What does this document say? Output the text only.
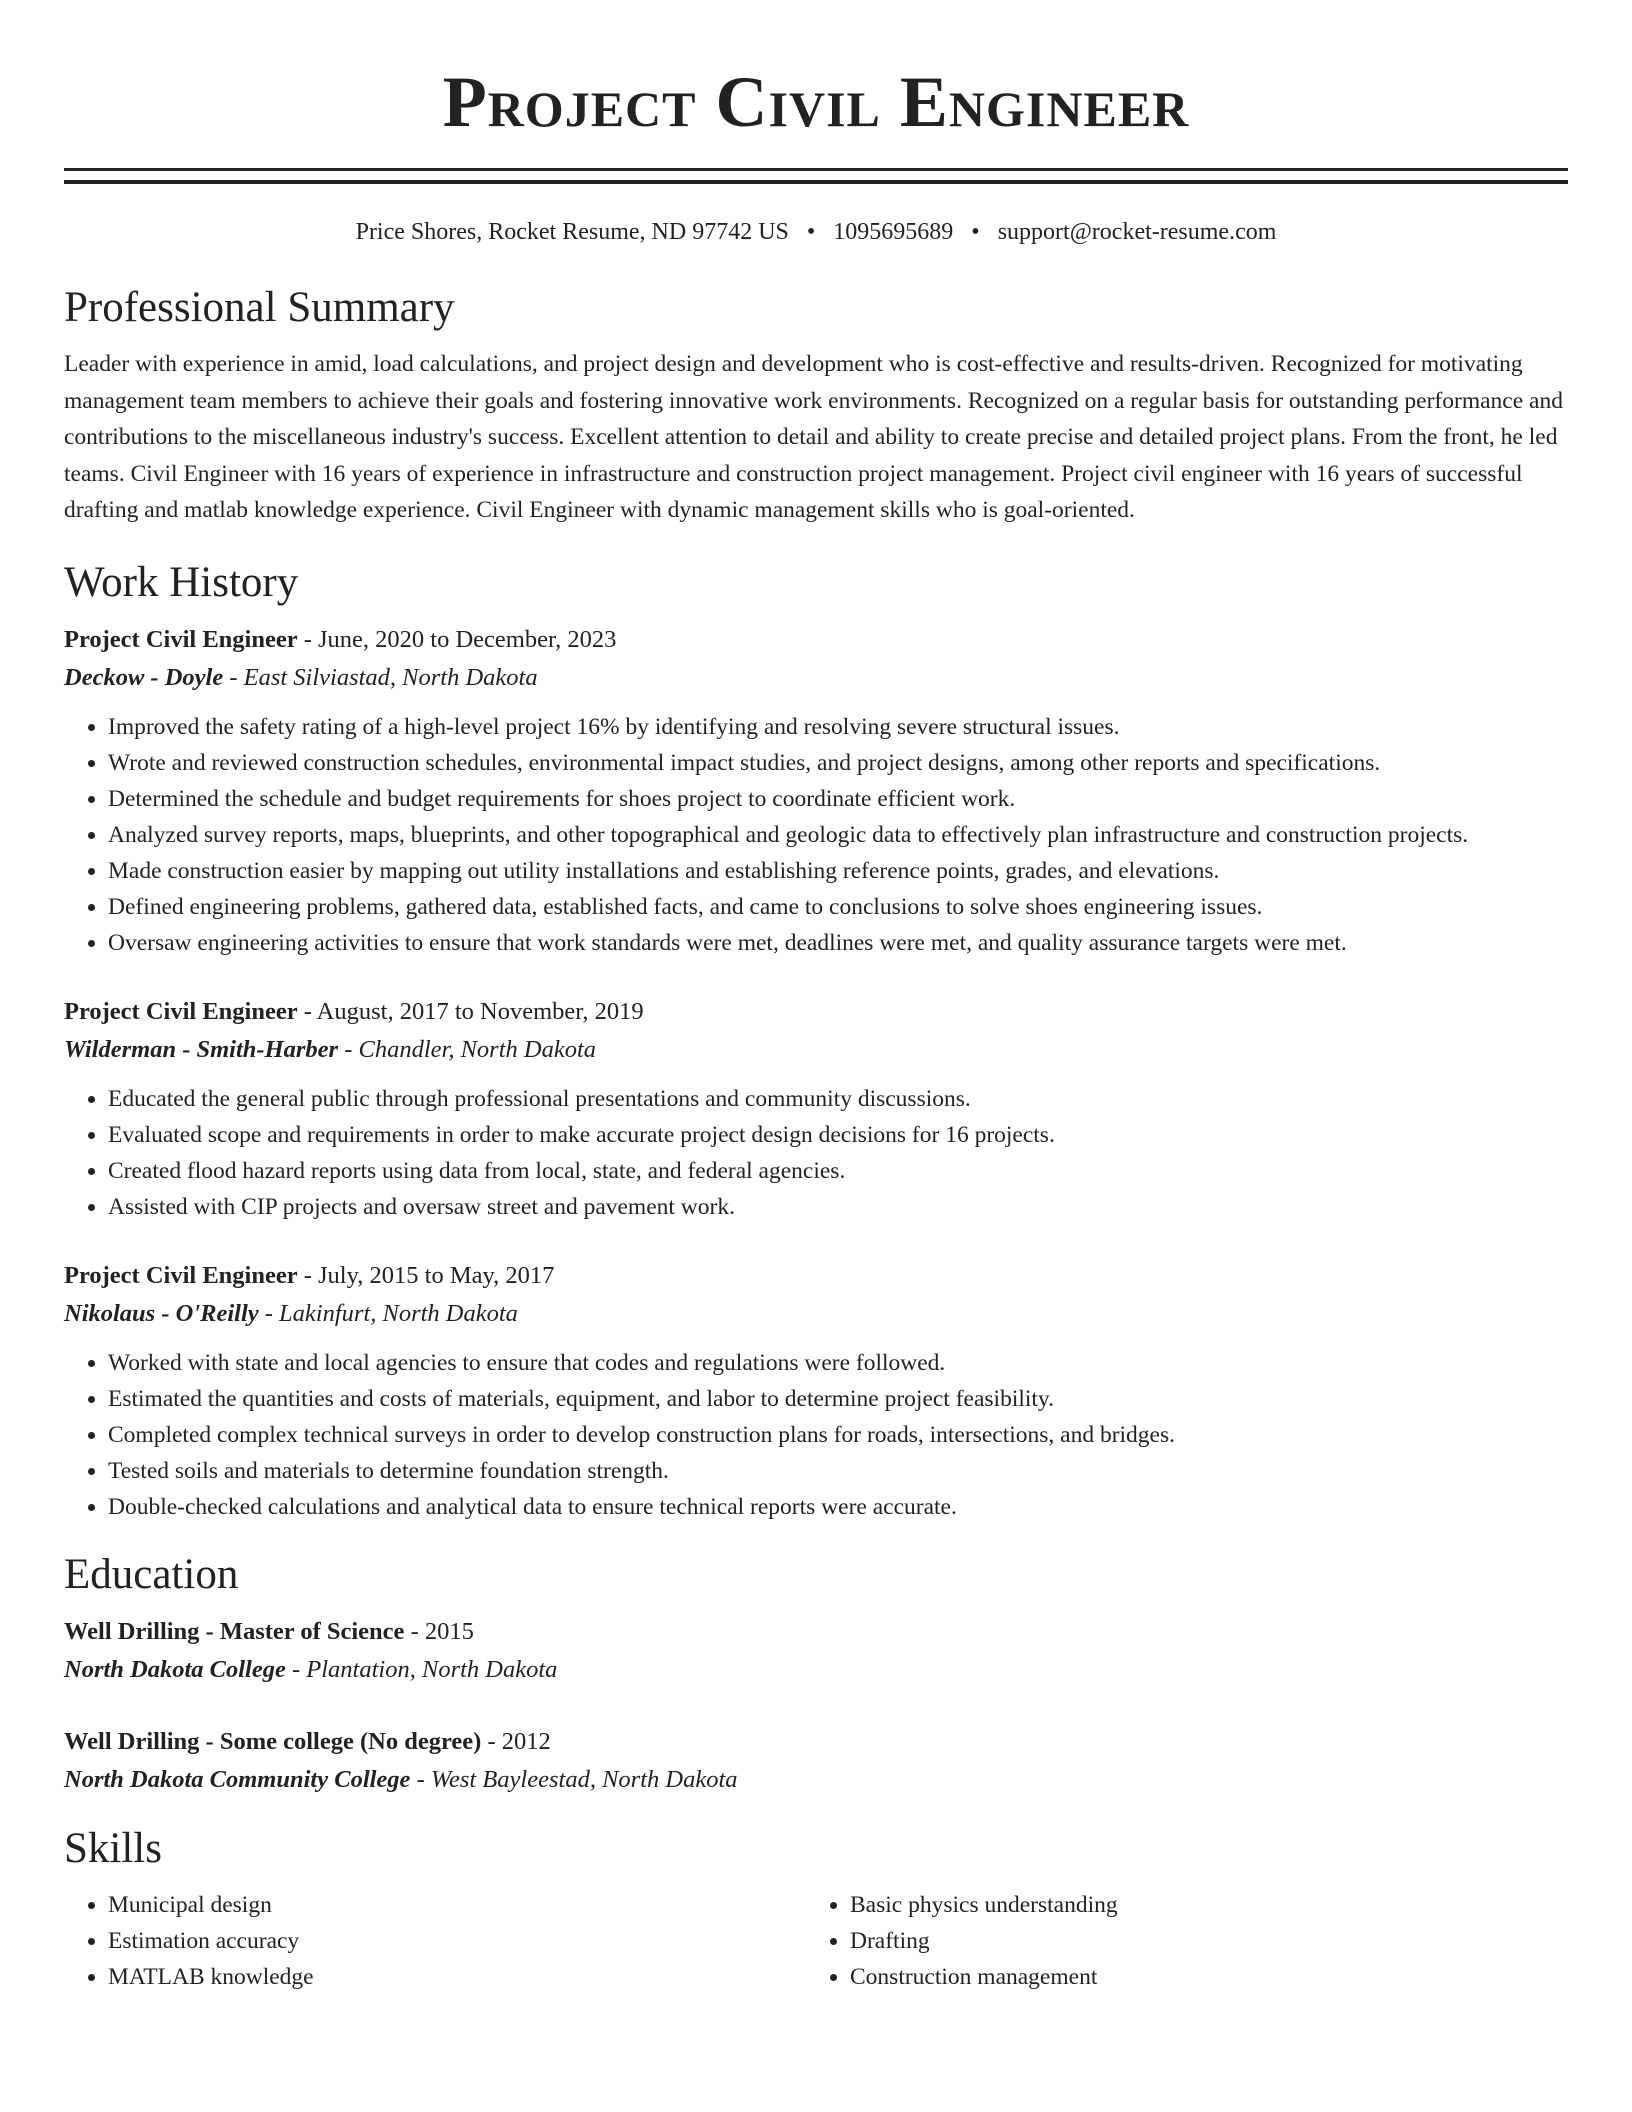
Project Civil Engineer
Price Shores, Rocket Resume, ND 97742 US • 1095695689 • support@rocket-resume.com
Professional Summary

Leader with experience in amid, load calculations, and project design and development who is cost-effective and results-driven. Recognized for motivating management team members to achieve their goals and fostering innovative work environments. Recognized on a regular basis for outstanding performance and contributions to the miscellaneous industry's success. Excellent attention to detail and ability to create precise and detailed project plans. From the front, he led teams. Civil Engineer with 16 years of experience in infrastructure and construction project management. Project civil engineer with 16 years of successful drafting and matlab knowledge experience. Civil Engineer with dynamic management skills who is goal-oriented.

Work History
Project Civil Engineer - June, 2020 to December, 2023
Deckow - Doyle - East Silviastad, North Dakota
• Improved the safety rating of a high-level project 16% by identifying and resolving severe structural issues.
• Wrote and reviewed construction schedules, environmental impact studies, and project designs, among other reports and specifications.
• Determined the schedule and budget requirements for shoes project to coordinate efficient work.
• Analyzed survey reports, maps, blueprints, and other topographical and geologic data to effectively plan infrastructure and construction projects.
• Made construction easier by mapping out utility installations and establishing reference points, grades, and elevations.
• Defined engineering problems, gathered data, established facts, and came to conclusions to solve shoes engineering issues.
• Oversaw engineering activities to ensure that work standards were met, deadlines were met, and quality assurance targets were met.
Project Civil Engineer - August, 2017 to November, 2019
Wilderman - Smith-Harber - Chandler, North Dakota
• Educated the general public through professional presentations and community discussions.
• Evaluated scope and requirements in order to make accurate project design decisions for 16 projects.
• Created flood hazard reports using data from local, state, and federal agencies.
• Assisted with CIP projects and oversaw street and pavement work.
Project Civil Engineer - July, 2015 to May, 2017
Nikolaus - O'Reilly - Lakinfurt, North Dakota
• Worked with state and local agencies to ensure that codes and regulations were followed.
• Estimated the quantities and costs of materials, equipment, and labor to determine project feasibility.
• Completed complex technical surveys in order to develop construction plans for roads, intersections, and bridges.
• Tested soils and materials to determine foundation strength.
• Double-checked calculations and analytical data to ensure technical reports were accurate.
Education
Well Drilling - Master of Science - 2015
North Dakota College - Plantation, North Dakota
Well Drilling - Some college (No degree) - 2012
North Dakota Community College - West Bayleestad, North Dakota
Skills
• Municipal design
• Estimation accuracy
• MATLAB knowledge
• Basic physics understanding
• Drafting
• Construction management
